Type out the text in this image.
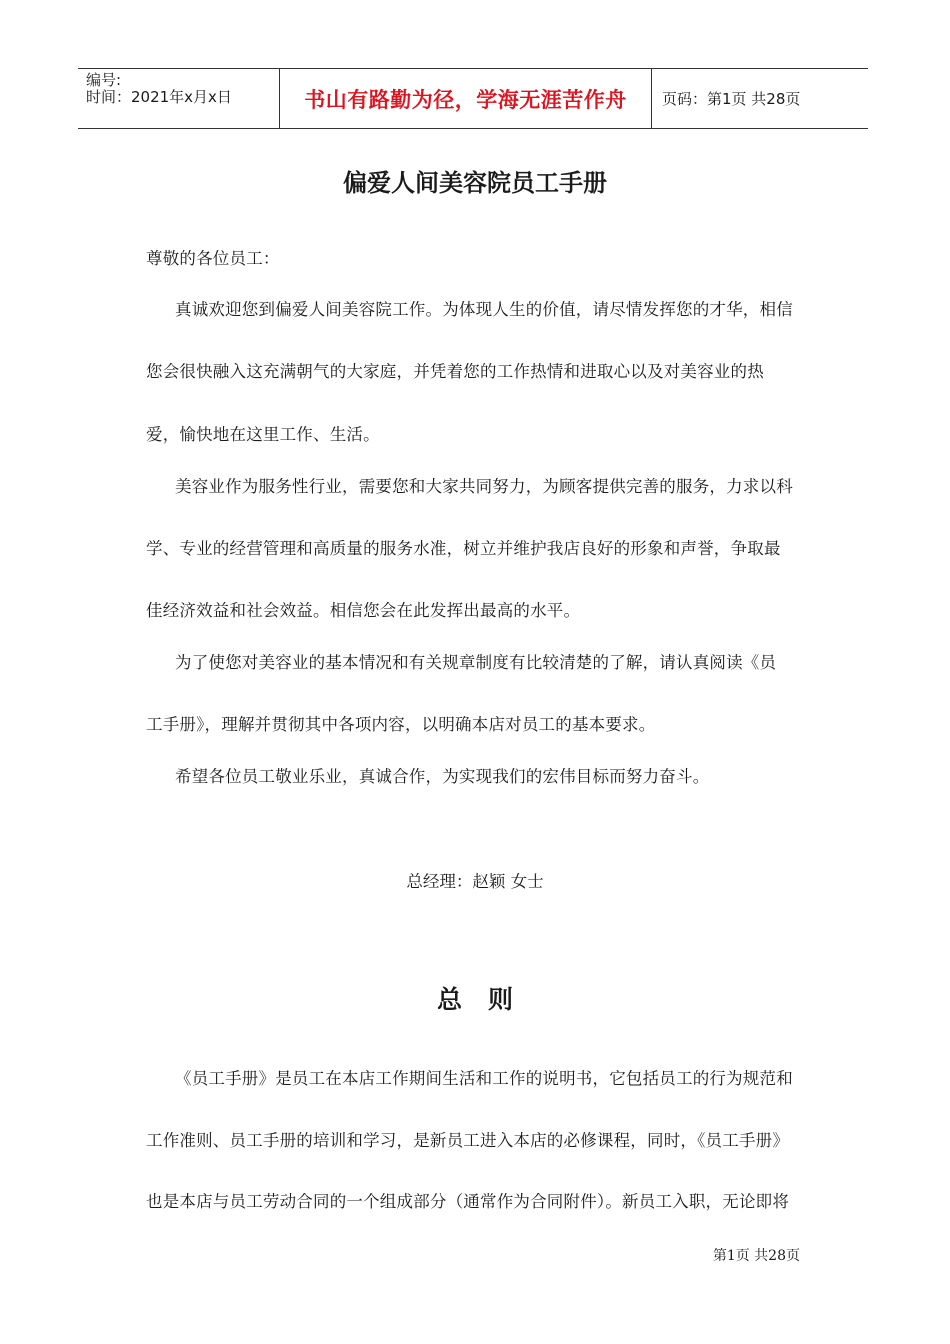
编号:
时间：2021年x月x日	书山有路勤为径，学海无涯苦作舟	页码：第1页 共28页
偏爱人间美容院员工手册
尊敬的各位员工：
真诚欢迎您到偏爱人间美容院工作。为体现人生的价值，请尽情发挥您的才华，相信
您会很快融入这充满朝气的大家庭，并凭着您的工作热情和进取心以及对美容业的热
爱，愉快地在这里工作、生活。
美容业作为服务性行业，需要您和大家共同努力，为顾客提供完善的服务，力求以科
学、专业的经营管理和高质量的服务水准，树立并维护我店良好的形象和声誉，争取最
佳经济效益和社会效益。相信您会在此发挥出最高的水平。
为了使您对美容业的基本情况和有关规章制度有比较清楚的了解，请认真阅读《员
工手册》，理解并贯彻其中各项内容，以明确本店对员工的基本要求。
希望各位员工敬业乐业，真诚合作，为实现我们的宏伟目标而努力奋斗。
总经理：赵颖 女士
总则
《员工手册》是员工在本店工作期间生活和工作的说明书，它包括员工的行为规范和
工作准则、员工手册的培训和学习，是新员工进入本店的必修课程，同时，《员工手册》
也是本店与员工劳动合同的一个组成部分（通常作为合同附件）。新员工入职，无论即将
第1页 共28页
